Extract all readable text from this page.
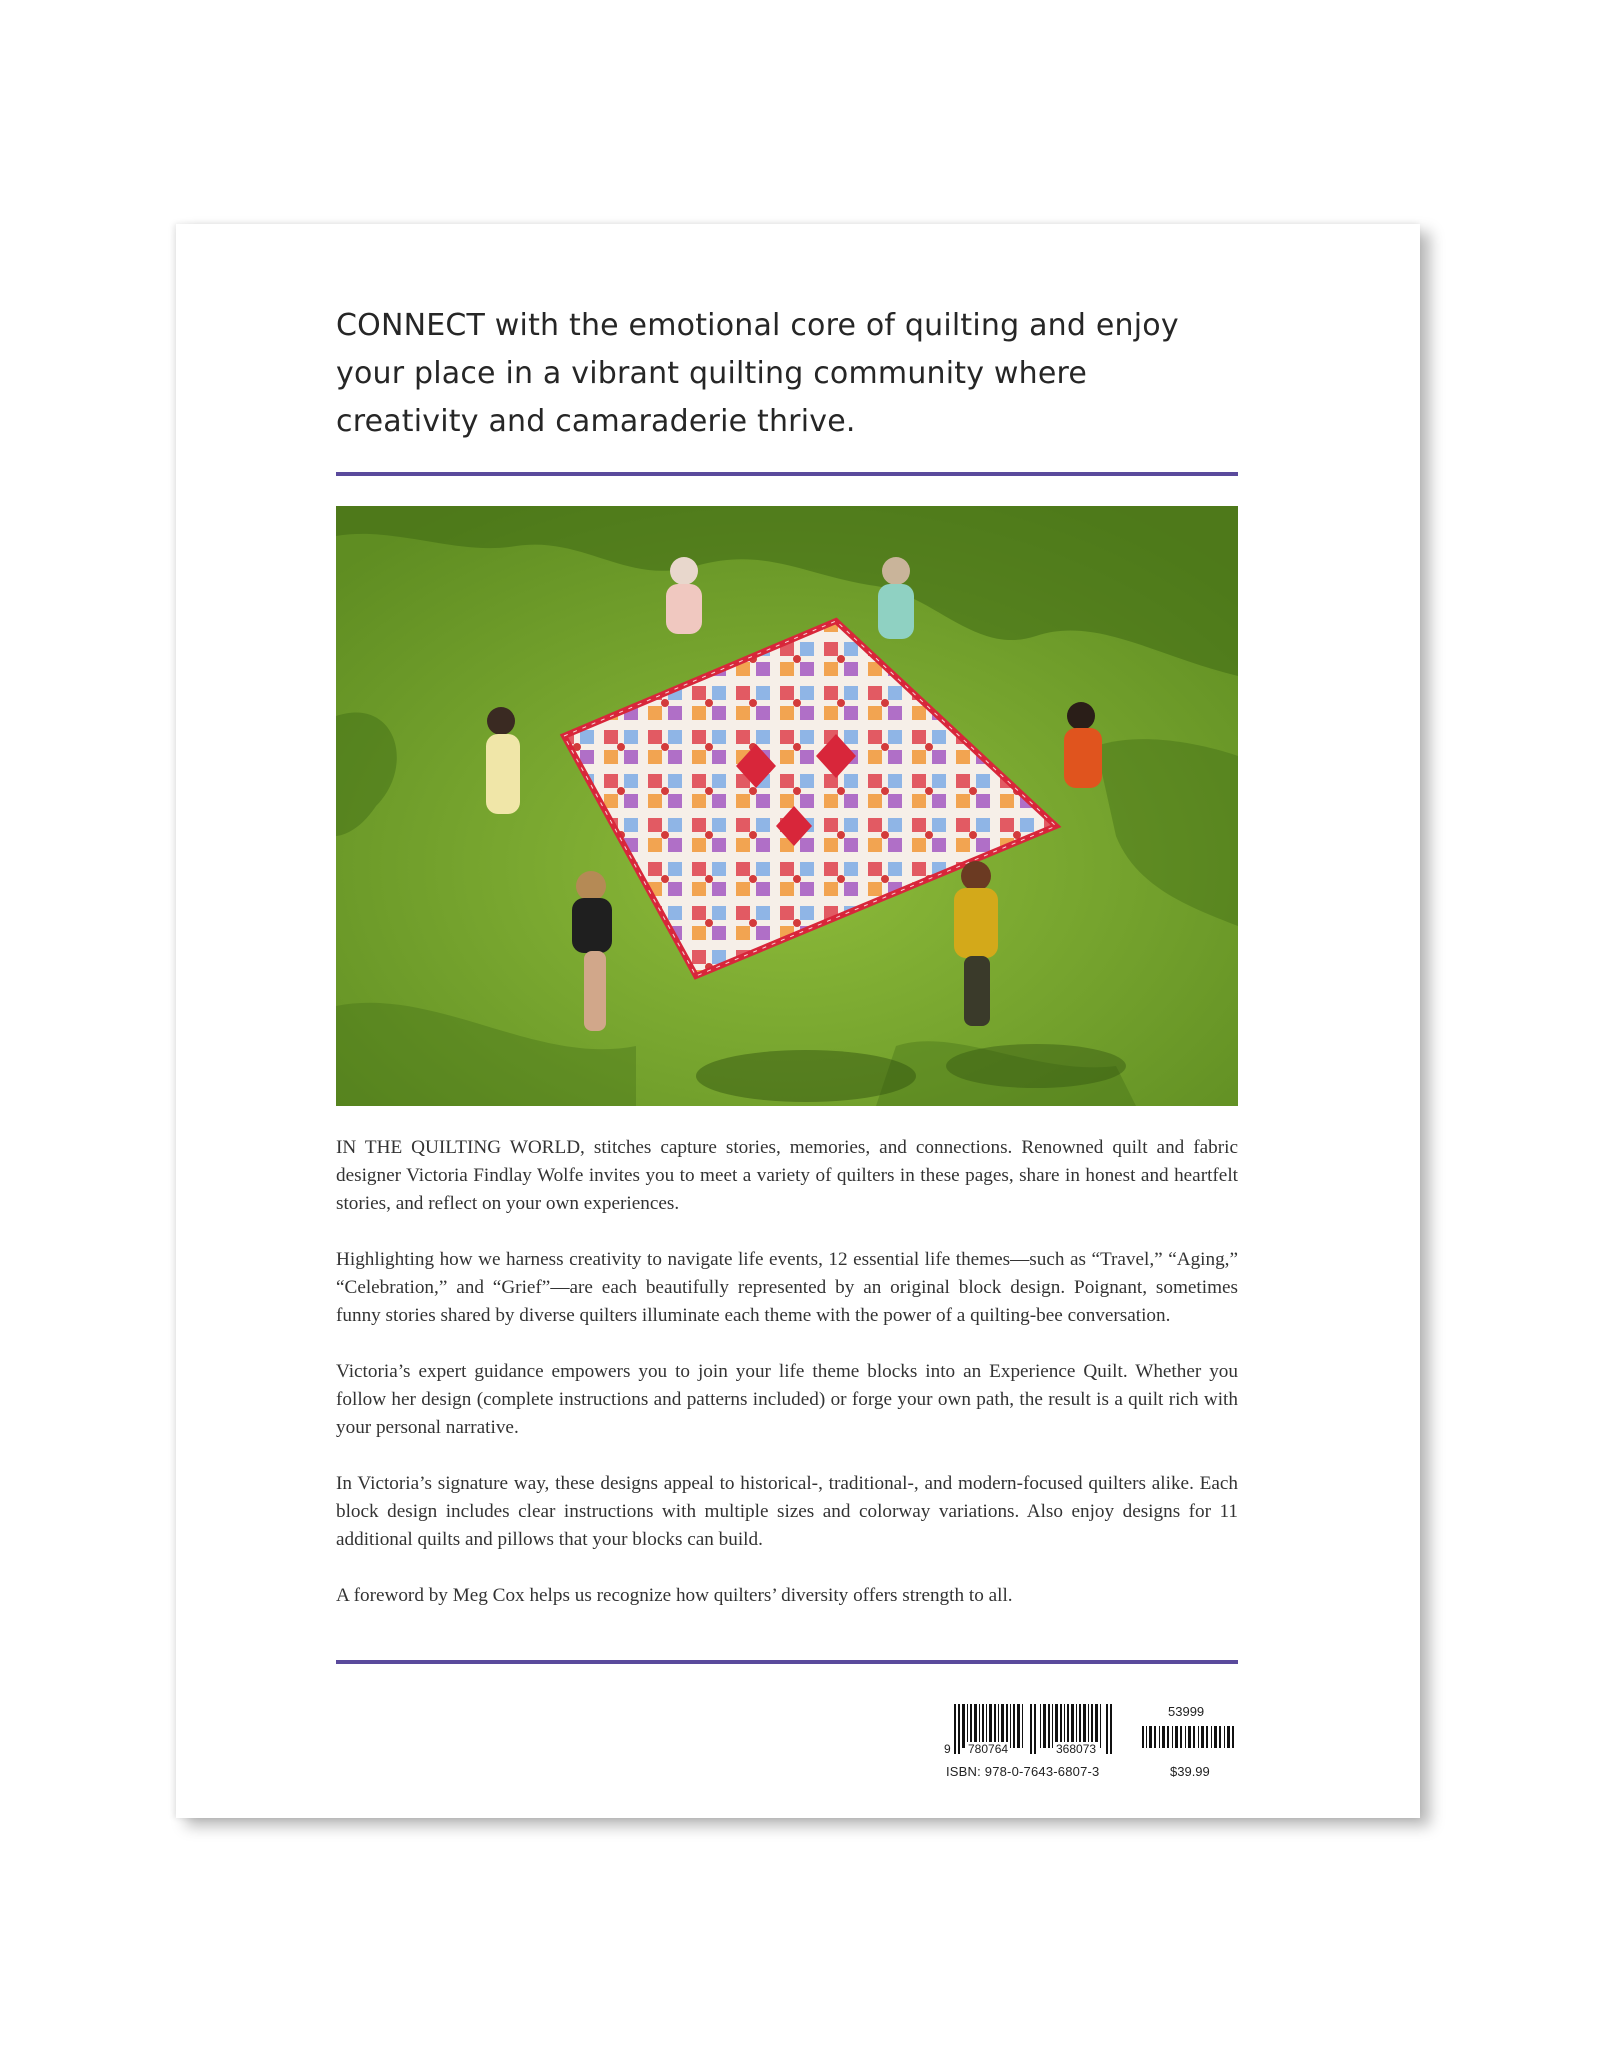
CONNECT with the emotional core of quilting and enjoy your place in a vibrant quilting community where creativity and camaraderie thrive.

IN THE QUILTING WORLD, stitches capture stories, memories, and connections. Renowned quilt and fabric designer Victoria Findlay Wolfe invites you to meet a variety of quilters in these pages, share in honest and heartfelt stories, and reflect on your own experiences.

Highlighting how we harness creativity to navigate life events, 12 essential life themes—such as “Travel,” “Aging,” “Celebration,” and “Grief”—are each beautifully represented by an original block design. Poignant, sometimes funny stories shared by diverse quilters illuminate each theme with the power of a quilting-bee conversation.

Victoria’s expert guidance empowers you to join your life theme blocks into an Experience Quilt. Whether you follow her design (complete instructions and patterns included) or forge your own path, the result is a quilt rich with your personal narrative.

In Victoria’s signature way, these designs appeal to historical-, traditional-, and modern-focused quilters alike. Each block design includes clear instructions with multiple sizes and colorway variations. Also enjoy designs for 11 additional quilts and pillows that your blocks can build.

A foreword by Meg Cox helps us recognize how quilters’ diversity offers strength to all.

9 780764	368073
53999
ISBN: 978-0-7643-6807-3	$39.99
